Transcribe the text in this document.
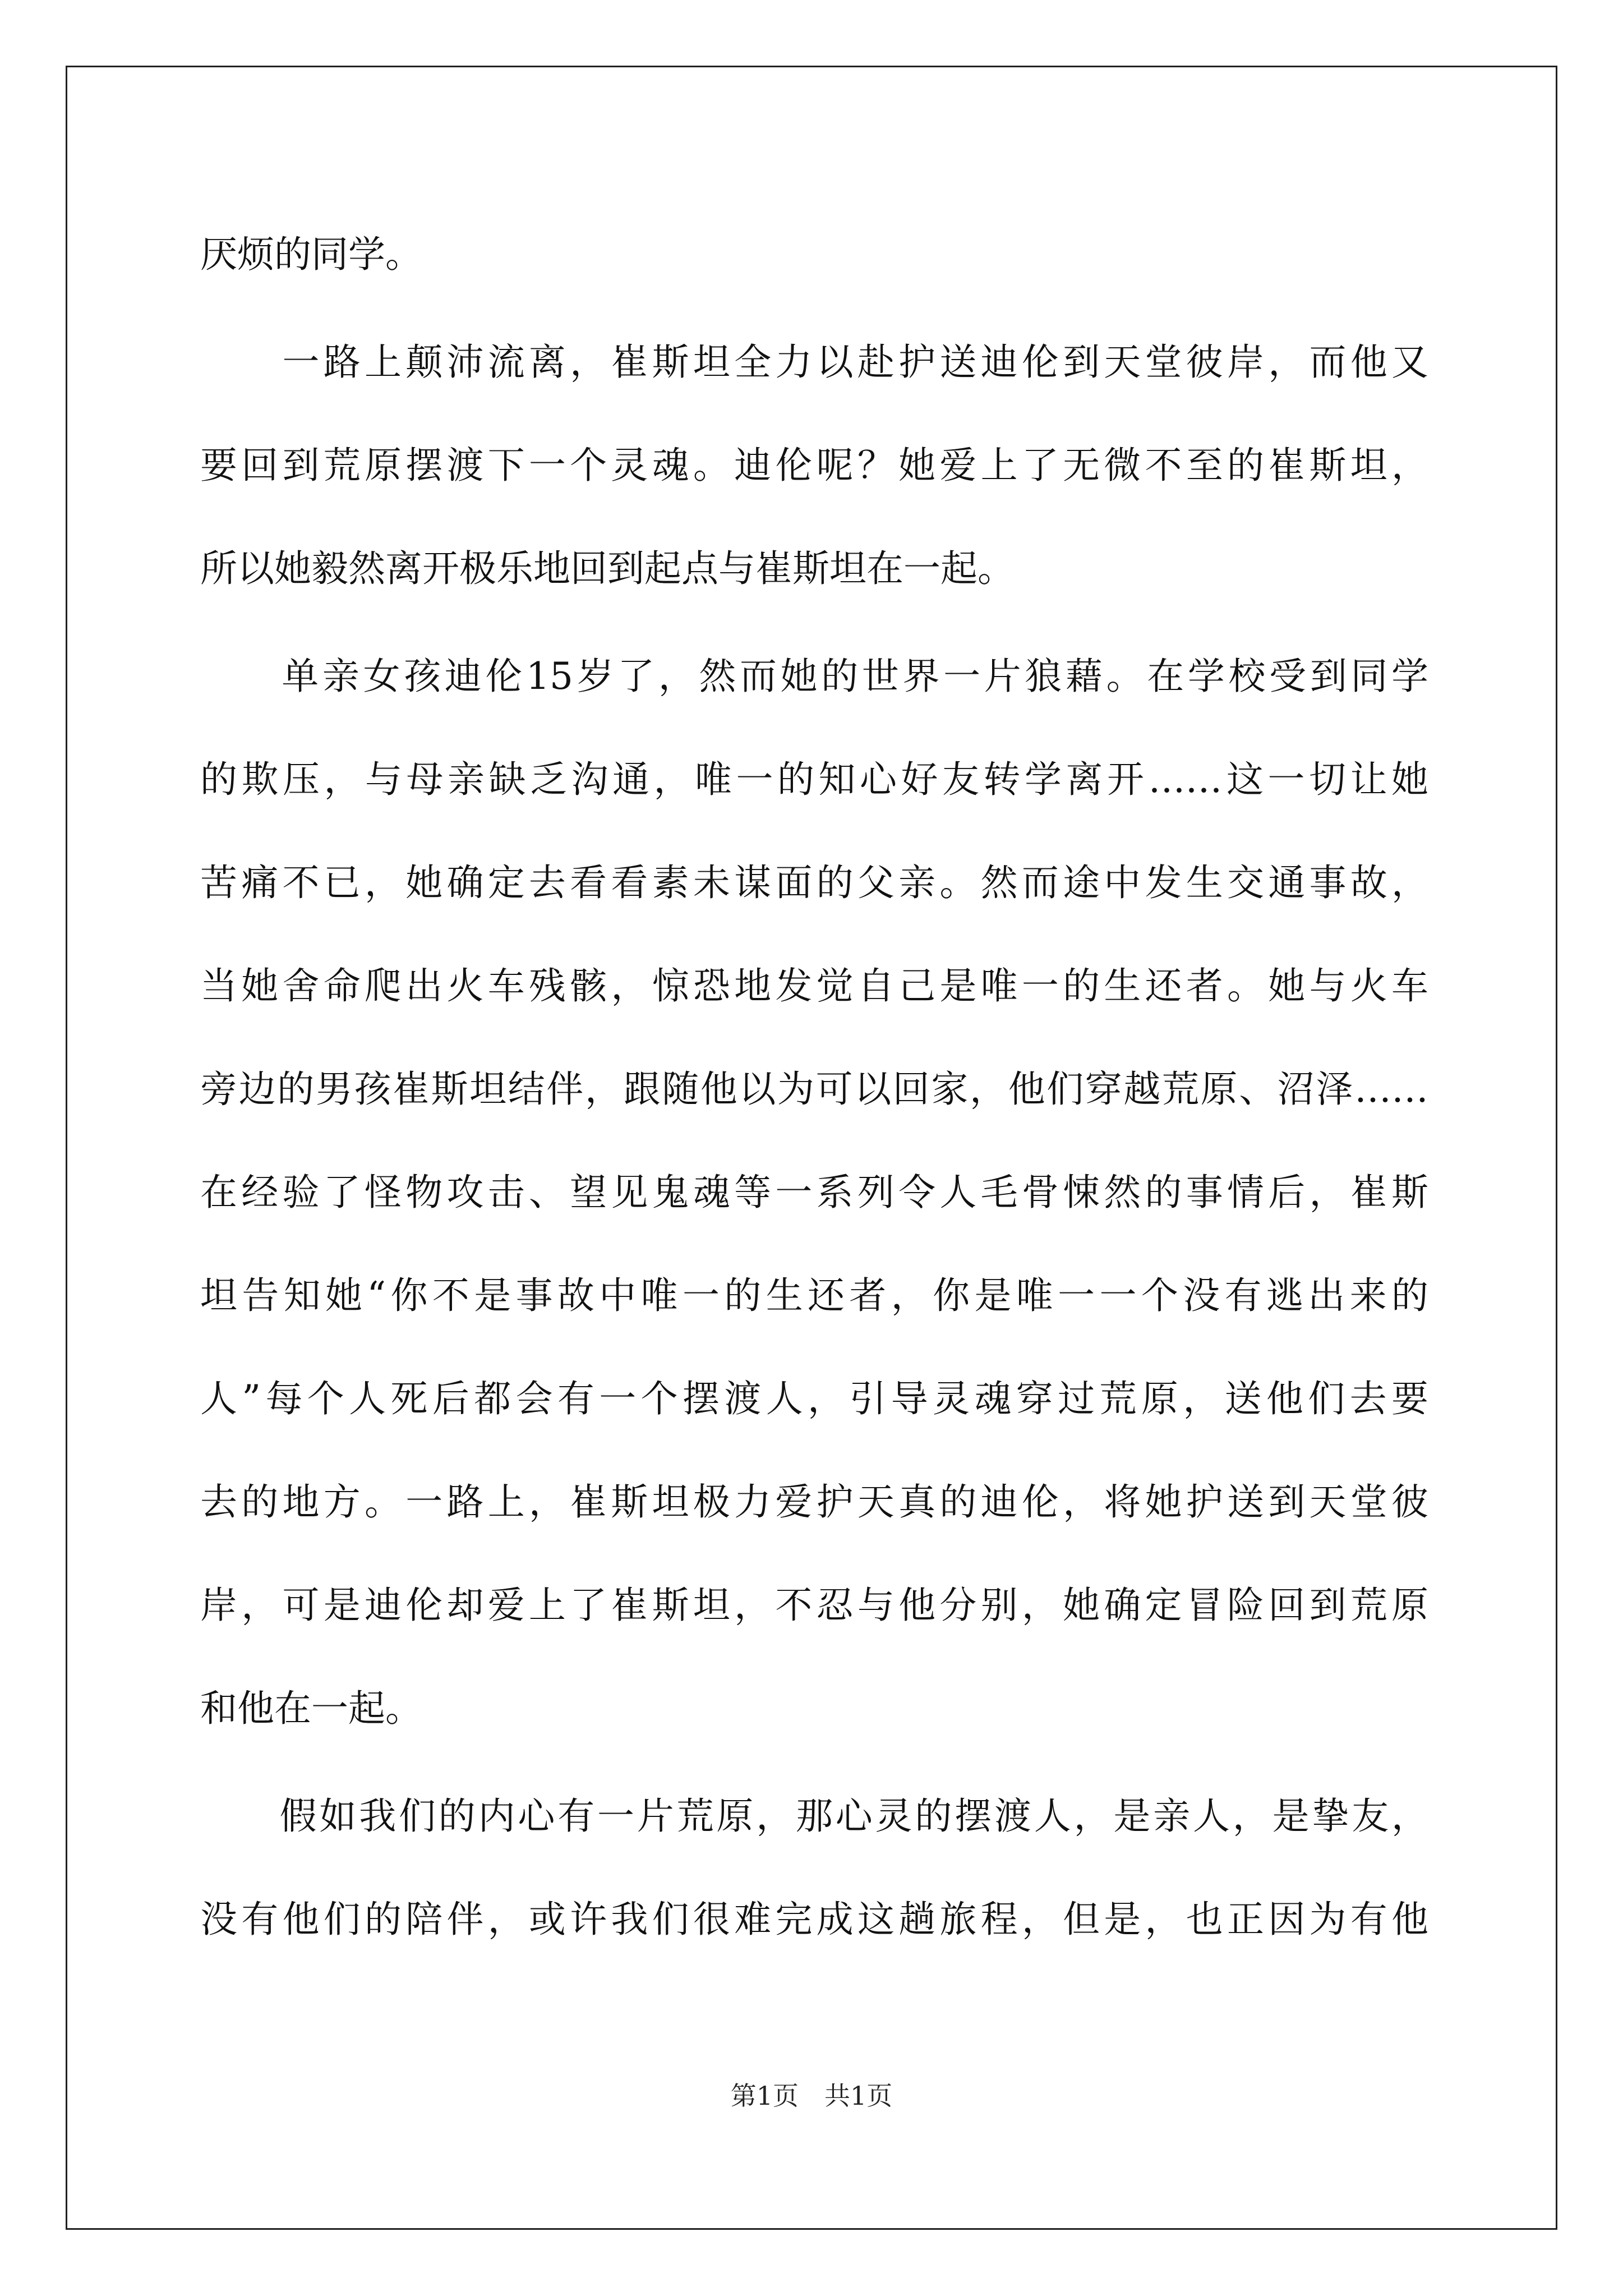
厌烦的同学。
　　一路上颠沛流离，崔斯坦全力以赴护送迪伦到天堂彼岸，而他又
要回到荒原摆渡下一个灵魂。迪伦呢？她爱上了无微不至的崔斯坦，
所以她毅然离开极乐地回到起点与崔斯坦在一起。
　　单亲女孩迪伦15岁了，然而她的世界一片狼藉。在学校受到同学
的欺压，与母亲缺乏沟通，唯一的知心好友转学离开……这一切让她
苦痛不已，她确定去看看素未谋面的父亲。然而途中发生交通事故，
当她舍命爬出火车残骸，惊恐地发觉自己是唯一的生还者。她与火车
旁边的男孩崔斯坦结伴，跟随他以为可以回家，他们穿越荒原、沼泽……
在经验了怪物攻击、望见鬼魂等一系列令人毛骨悚然的事情后，崔斯
坦告知她“你不是事故中唯一的生还者，你是唯一一个没有逃出来的
人”每个人死后都会有一个摆渡人，引导灵魂穿过荒原，送他们去要
去的地方。一路上，崔斯坦极力爱护天真的迪伦，将她护送到天堂彼
岸，可是迪伦却爱上了崔斯坦，不忍与他分别，她确定冒险回到荒原
和他在一起。
　　假如我们的内心有一片荒原，那心灵的摆渡人，是亲人，是挚友，
没有他们的陪伴，或许我们很难完成这趟旅程，但是，也正因为有他
第1页　共1页
